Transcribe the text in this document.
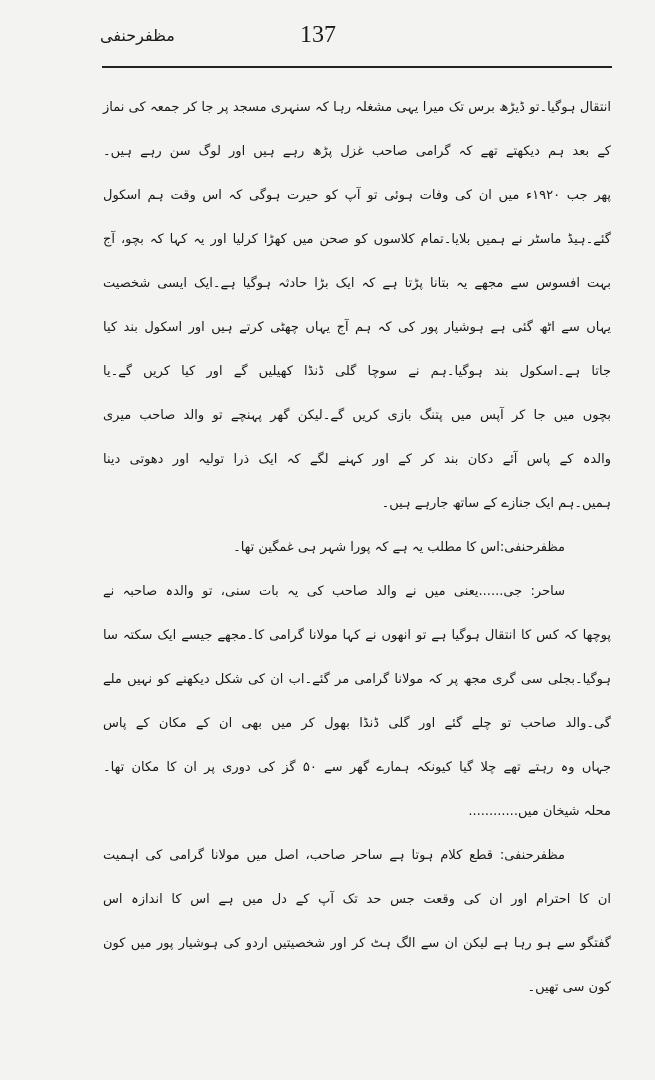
مظفرحنفی	137
انتقال ہوگیا۔تو ڈیڑھ برس تک میرا یہی مشغلہ رہا کہ سنہری مسجد پر جا کر جمعہ کی نماز
کے بعد ہم دیکھتے تھے کہ گرامی صاحب غزل پڑھ رہے ہیں اور لوگ سن رہے ہیں۔
پھر جب ۱۹۲۰ء میں ان کی وفات ہوئی تو آپ کو حیرت ہوگی کہ اس وقت ہم اسکول
گئے۔ہیڈ ماسٹر نے ہمیں بلایا۔تمام کلاسوں کو صحن میں کھڑا کرلیا اور یہ کہا کہ بچو، آج
بہت افسوس سے مجھے یہ بتانا پڑتا ہے کہ ایک بڑا حادثہ ہوگیا ہے۔ایک ایسی شخصیت
یہاں سے اٹھ گئی ہے ہوشیار پور کی کہ ہم آج یہاں چھٹی کرتے ہیں اور اسکول بند کیا
جاتا ہے۔اسکول بند ہوگیا۔ہم نے سوچا گلی ڈنڈا کھیلیں گے اور کیا کریں گے۔یا
بچوں میں جا کر آپس میں پتنگ بازی کریں گے۔لیکن گھر پہنچے تو والد صاحب میری
والدہ کے پاس آئے دکان بند کر کے اور کہنے لگے کہ ایک ذرا تولیہ اور دھوتی دینا
ہمیں۔ہم ایک جنازے کے ساتھ جارہے ہیں۔
مظفرحنفی:اس کا مطلب یہ ہے کہ پورا شہر ہی غمگین تھا۔
ساحر: جی......یعنی میں نے والد صاحب کی یہ بات سنی، تو والدہ صاحبہ نے
پوچھا کہ کس کا انتقال ہوگیا ہے تو انھوں نے کہا مولانا گرامی کا۔مجھے جیسے ایک سکتہ سا
ہوگیا۔بجلی سی گری مجھ پر کہ مولانا گرامی مر گئے۔اب ان کی شکل دیکھنے کو نہیں ملے
گی۔والد صاحب تو چلے گئے اور گلی ڈنڈا بھول کر میں بھی ان کے مکان کے پاس
جہاں وہ رہتے تھے چلا گیا کیونکہ ہمارے گھر سے ۵۰ گز کی دوری پر ان کا مکان تھا۔
محلہ شیخان میں............
مظفرحنفی: قطع کلام ہوتا ہے ساحر صاحب، اصل میں مولانا گرامی کی اہمیت
ان کا احترام اور ان کی وقعت جس حد تک آپ کے دل میں ہے اس کا اندازہ اس
گفتگو سے ہو رہا ہے لیکن ان سے الگ ہٹ کر اور شخصیتیں اردو کی ہوشیار پور میں کون
کون سی تھیں۔
